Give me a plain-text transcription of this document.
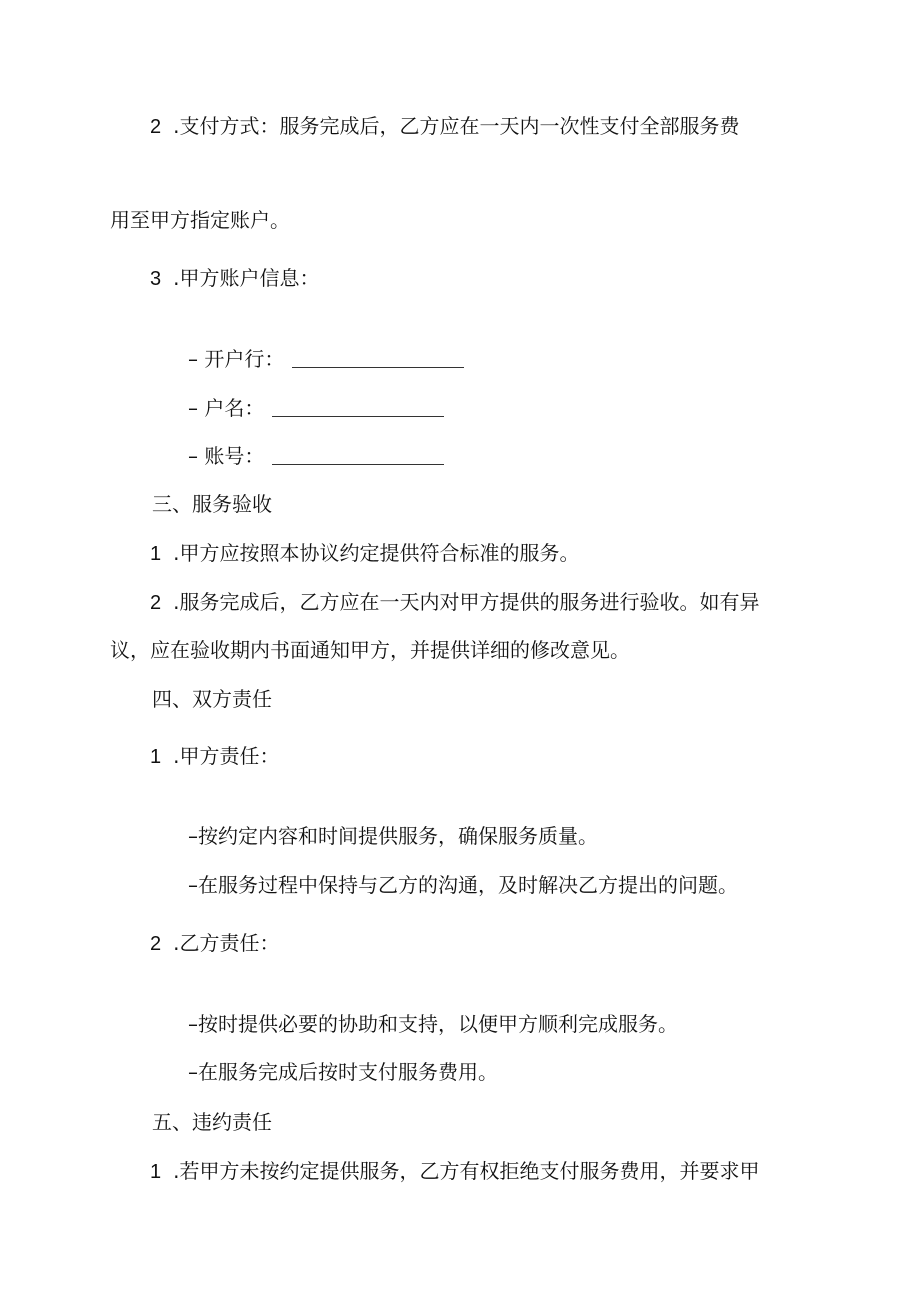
2 .支付方式：服务完成后，乙方应在一天内一次性支付全部服务费
用至甲方指定账户。
3 .甲方账户信息：
– 开户行：
– 户名：
– 账号：
三、服务验收
1 .甲方应按照本协议约定提供符合标准的服务。
2 .服务完成后，乙方应在一天内对甲方提供的服务进行验收。如有异
议，应在验收期内书面通知甲方，并提供详细的修改意见。
四、双方责任
1 .甲方责任：
–按约定内容和时间提供服务，确保服务质量。
–在服务过程中保持与乙方的沟通，及时解决乙方提出的问题。
2 .乙方责任：
–按时提供必要的协助和支持，以便甲方顺利完成服务。
–在服务完成后按时支付服务费用。
五、违约责任
1 .若甲方未按约定提供服务，乙方有权拒绝支付服务费用，并要求甲
